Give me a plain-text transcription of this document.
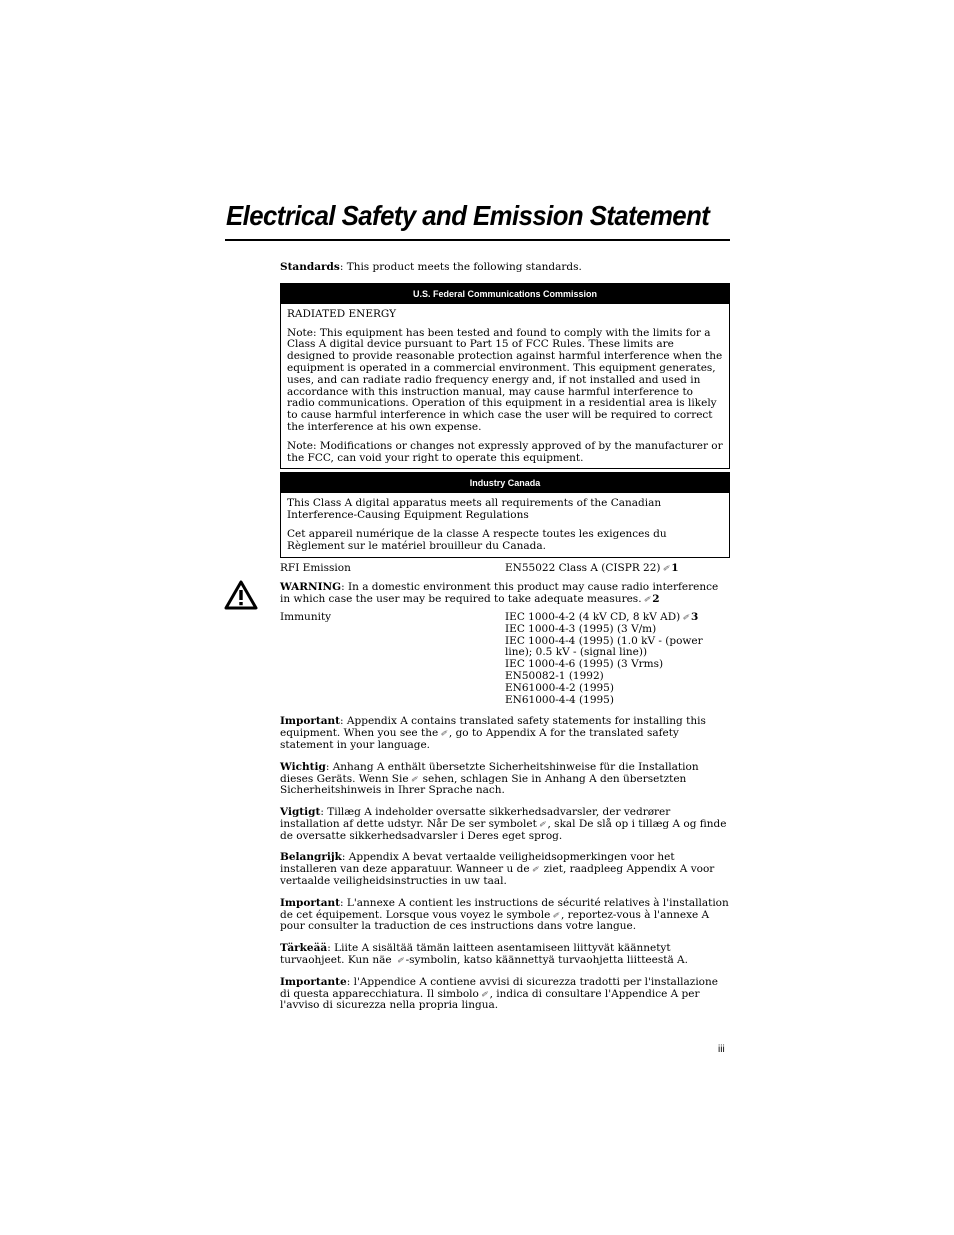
Electrical Safety and Emission Statement

Standards: This product meets the following standards.

U.S. Federal Communications Commission

RADIATED ENERGY

Note: This equipment has been tested and found to comply with the limits for a Class A digital device pursuant to Part 15 of FCC Rules. These limits are designed to provide reasonable protection against harmful interference when the equipment is operated in a commercial environment. This equipment generates, uses, and can radiate radio frequency energy and, if not installed and used in accordance with this instruction manual, may cause harmful interference to radio communications. Operation of this equipment in a residential area is likely to cause harmful interference in which case the user will be required to correct the interference at his own expense.

Note: Modifications or changes not expressly approved of by the manufacturer or the FCC, can void your right to operate this equipment.

Industry Canada

This Class A digital apparatus meets all requirements of the Canadian Interference-Causing Equipment Regulations

Cet appareil numérique de la classe A respecte toutes les exigences du Règlement sur le matériel brouilleur du Canada.

RFI Emission	EN55022 Class A (CISPR 22) ✐ 1

WARNING: In a domestic environment this product may cause radio interference in which case the user may be required to take adequate measures. ✐ 2

Immunity	IEC 1000-4-2 (4 kV CD, 8 kV AD) ✐ 3
IEC 1000-4-3 (1995) (3 V/m)
IEC 1000-4-4 (1995) (1.0 kV - (power line); 0.5 kV - (signal line))
IEC 1000-4-6 (1995) (3 Vrms)
EN50082-1 (1992)
EN61000-4-2 (1995)
EN61000-4-4 (1995)

Important: Appendix A contains translated safety statements for installing this equipment. When you see the ✐ , go to Appendix A for the translated safety statement in your language.

Wichtig: Anhang A enthält übersetzte Sicherheitshinweise für die Installation dieses Geräts. Wenn Sie ✐ sehen, schlagen Sie in Anhang A den übersetzten Sicherheitshinweis in Ihrer Sprache nach.

Vigtigt: Tillæg A indeholder oversatte sikkerhedsadvarsler, der vedrører installation af dette udstyr. Når De ser symbolet ✐ , skal De slå op i tillæg A og finde de oversatte sikkerhedsadvarsler i Deres eget sprog.

Belangrijk: Appendix A bevat vertaalde veiligheidsopmerkingen voor het installeren van deze apparatuur. Wanneer u de ✐ ziet, raadpleeg Appendix A voor vertaalde veiligheidsinstructies in uw taal.

Important: L'annexe A contient les instructions de sécurité relatives à l'installation de cet équipement. Lorsque vous voyez le symbole ✐ , reportez-vous à l'annexe A pour consulter la traduction de ces instructions dans votre langue.

Tärkeää: Liite A sisältää tämän laitteen asentamiseen liittyvät käännetyt turvaohjeet. Kun näe ✐ -symbolin, katso käännettyä turvaohjetta liitteestä A.

Importante: l'Appendice A contiene avvisi di sicurezza tradotti per l'installazione di questa apparecchiatura. Il simbolo ✐ , indica di consultare l'Appendice A per l'avviso di sicurezza nella propria lingua.

iii
